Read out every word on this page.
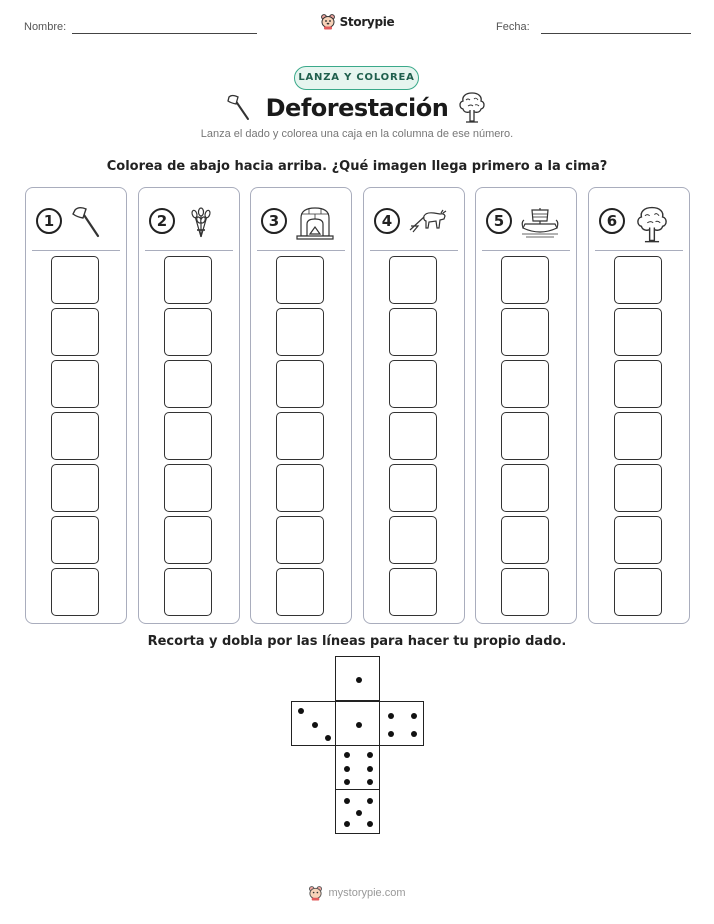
Nombre:	Storypie	Fecha:
LANZA Y COLOREA
Deforestación
Lanza el dado y colorea una caja en la columna de ese número.
Colorea de abajo hacia arriba. ¿Qué imagen llega primero a la cima?
1	2	3	4	5	6
Recorta y dobla por las líneas para hacer tu propio dado.
mystorypie.com
